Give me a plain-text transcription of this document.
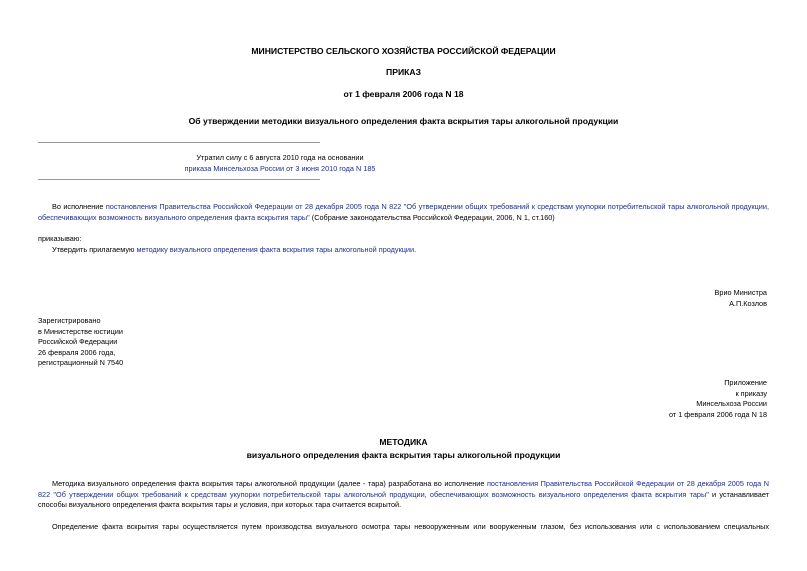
МИНИСТЕРСТВО СЕЛЬСКОГО ХОЗЯЙСТВА РОССИЙСКОЙ ФЕДЕРАЦИИ
ПРИКАЗ
от 1 февраля 2006 года N 18
Об утверждении методики визуального определения факта вскрытия тары алкогольной продукции
Утратил силу с 6 августа 2010 года на основании
приказа Минсельхоза России от 3 июня 2010 года N 185
Во исполнение постановления Правительства Российской Федерации от 28 декабря 2005 года N 822 "Об утверждении общих требований к средствам укупорки потребительской тары алкогольной продукции,
обеспечивающих возможность визуального определения факта вскрытия тары" (Собрание законодательства Российской Федерации, 2006, N 1, ст.160)
приказываю:
Утвердить прилагаемую методику визуального определения факта вскрытия тары алкогольной продукции.
Врио Министра
А.П.Козлов
Зарегистрировано
в Министерстве юстиции
Российской Федерации
26 февраля 2006 года,
регистрационный N 7540
Приложение
к приказу
Минсельхоза России
от 1 февраля 2006 года N 18
МЕТОДИКА
визуального определения факта вскрытия тары алкогольной продукции
Методика визуального определения факта вскрытия тары алкогольной продукции (далее - тара) разработана во исполнение постановления Правительства Российской Федерации от 28 декабря 2005 года N 822 "Об утверждении общих требований к средствам укупорки потребительской тары алкогольной продукции, обеспечивающих возможность визуального определения факта вскрытия тары" и устанавливает способы визуального определения факта вскрытия тары и условия, при которых тара считается вскрытой.
Определение факта вскрытия тары осуществляется путем производства визуального осмотра тары невооруженным или вооруженным глазом, без использования или с использованием специальных
